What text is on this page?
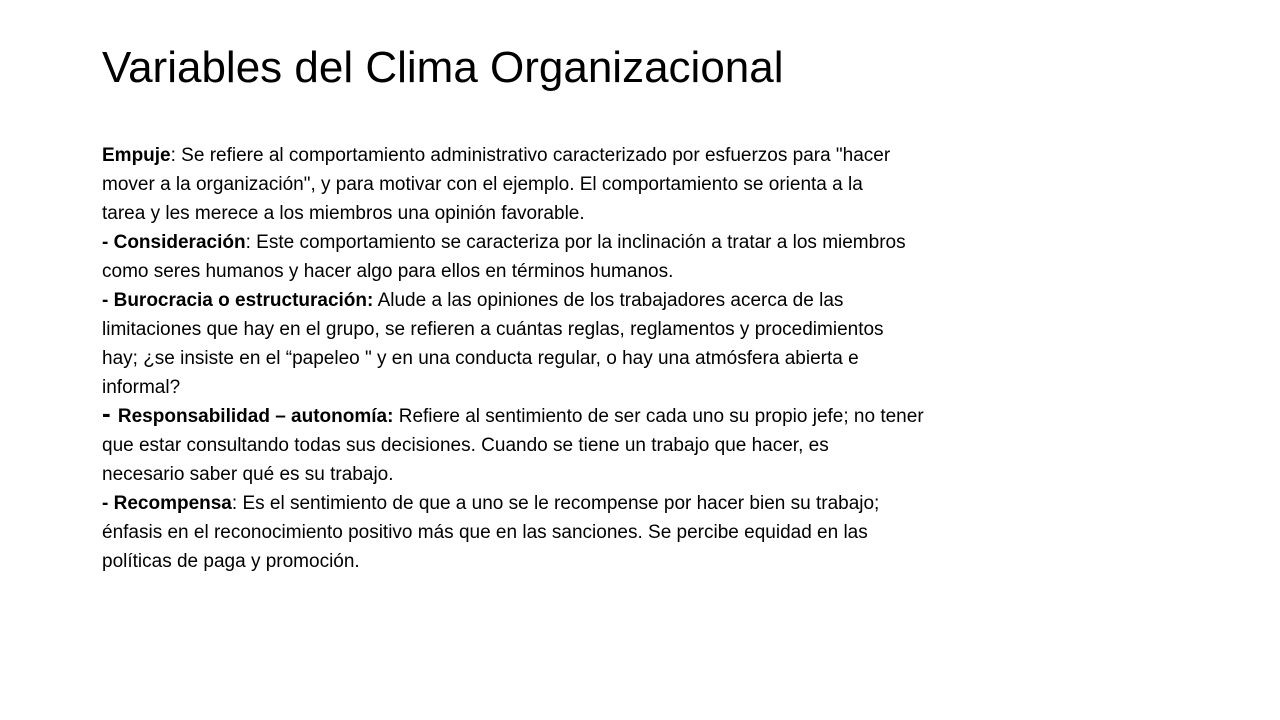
Variables del Clima Organizacional
Empuje: Se refiere al comportamiento administrativo caracterizado por esfuerzos para "hacer
mover a la organización", y para motivar con el ejemplo. El comportamiento se orienta a la
tarea y les merece a los miembros una opinión favorable.
- Consideración: Este comportamiento se caracteriza por la inclinación a tratar a los miembros
como seres humanos y hacer algo para ellos en términos humanos.
- Burocracia o estructuración: Alude a las opiniones de los trabajadores acerca de las
limitaciones que hay en el grupo, se refieren a cuántas reglas, reglamentos y procedimientos
hay; ¿se insiste en el “papeleo " y en una conducta regular, o hay una atmósfera abierta e
informal?
- Responsabilidad – autonomía: Refiere al sentimiento de ser cada uno su propio jefe; no tener
que estar consultando todas sus decisiones. Cuando se tiene un trabajo que hacer, es
necesario saber qué es su trabajo.
- Recompensa: Es el sentimiento de que a uno se le recompense por hacer bien su trabajo;
énfasis en el reconocimiento positivo más que en las sanciones. Se percibe equidad en las
políticas de paga y promoción.
